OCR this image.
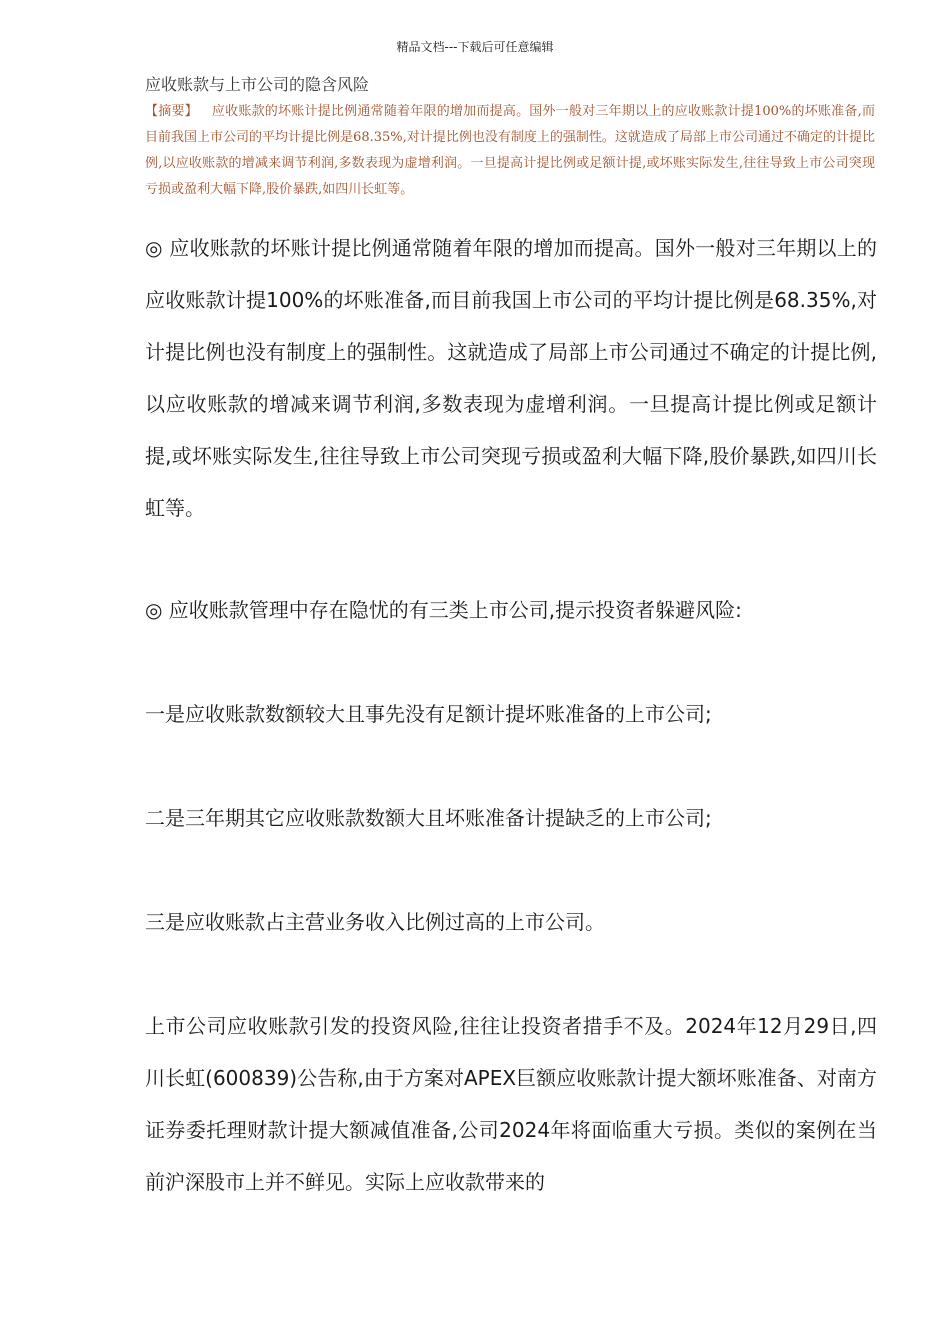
精品文档---下载后可任意编辑
应收账款与上市公司的隐含风险
【摘要】 应收账款的坏账计提比例通常随着年限的增加而提高。国外一般对三年期以上的应收账款计提100%的坏账准备,而目前我国上市公司的平均计提比例是68.35%,对计提比例也没有制度上的强制性。这就造成了局部上市公司通过不确定的计提比例,以应收账款的增减来调节利润,多数表现为虚增利润。一旦提高计提比例或足额计提,或坏账实际发生,往往导致上市公司突现亏损或盈利大幅下降,股价暴跌,如四川长虹等。
◎ 应收账款的坏账计提比例通常随着年限的增加而提高。国外一般对三年期以上的应收账款计提100%的坏账准备,而目前我国上市公司的平均计提比例是68.35%,对计提比例也没有制度上的强制性。这就造成了局部上市公司通过不确定的计提比例,以应收账款的增减来调节利润,多数表现为虚增利润。一旦提高计提比例或足额计提,或坏账实际发生,往往导致上市公司突现亏损或盈利大幅下降,股价暴跌,如四川长虹等。
◎ 应收账款管理中存在隐忧的有三类上市公司,提示投资者躲避风险:
一是应收账款数额较大且事先没有足额计提坏账准备的上市公司;
二是三年期其它应收账款数额大且坏账准备计提缺乏的上市公司;
三是应收账款占主营业务收入比例过高的上市公司。
上市公司应收账款引发的投资风险,往往让投资者措手不及。2024年12月29日,四川长虹(600839)公告称,由于方案对APEX巨额应收账款计提大额坏账准备、对南方证券委托理财款计提大额减值准备,公司2024年将面临重大亏损。类似的案例在当前沪深股市上并不鲜见。实际上应收款带来的
